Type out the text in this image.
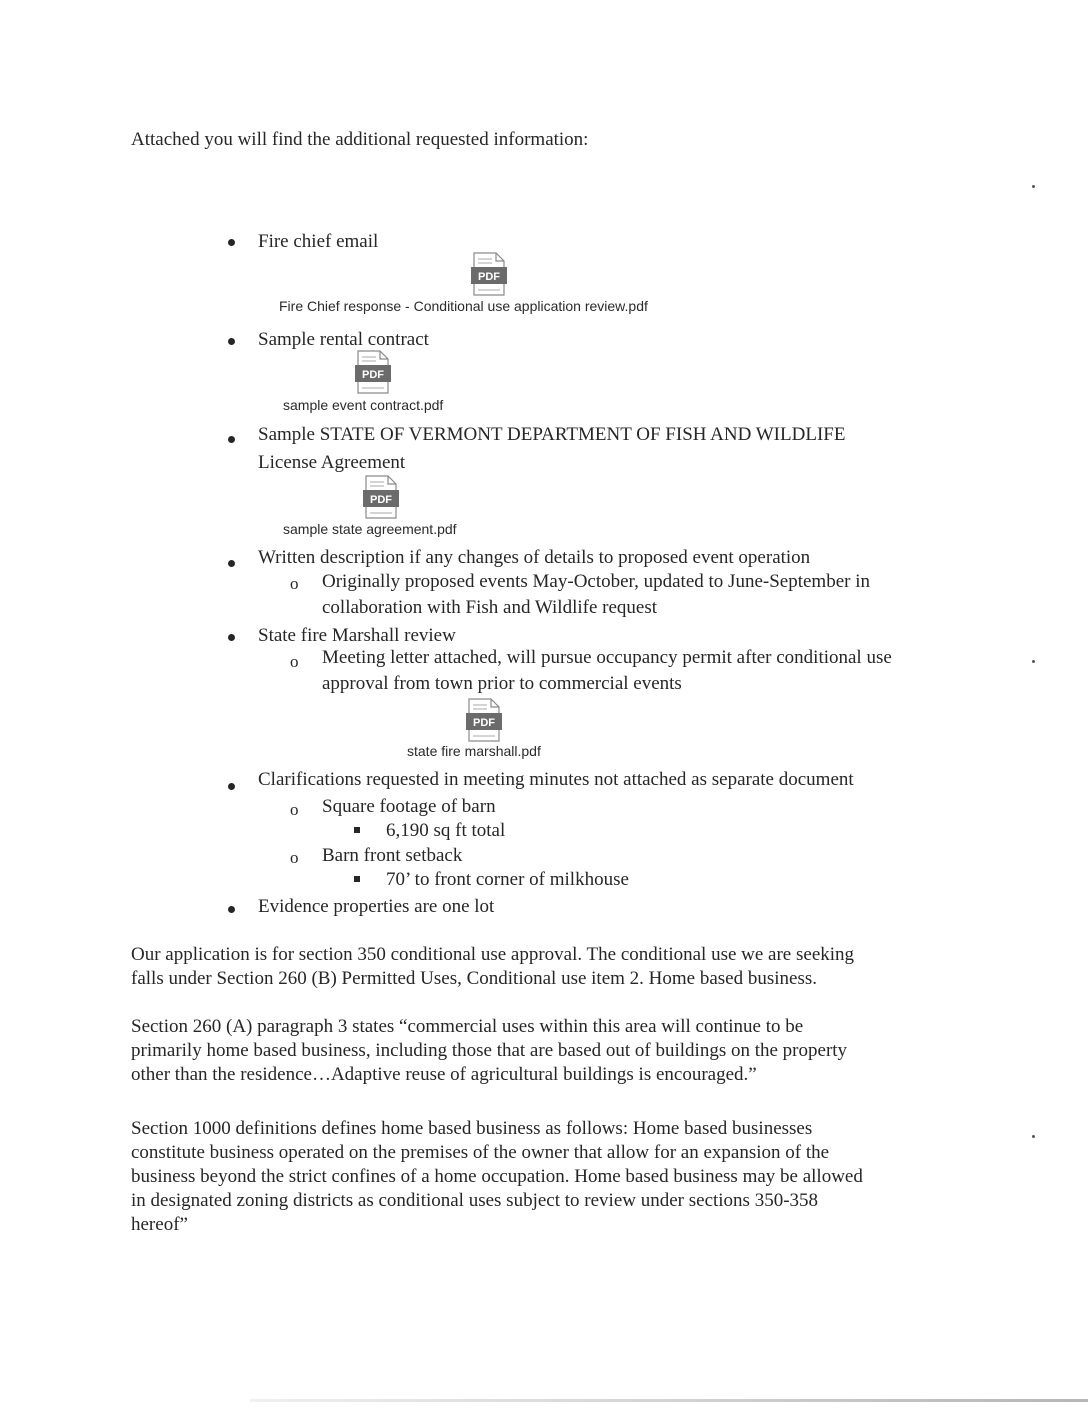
Attached you will find the additional requested information:
Fire chief email
PDF
Fire Chief response - Conditional use application review.pdf
Sample rental contract
PDF
sample event contract.pdf
Sample STATE OF VERMONT DEPARTMENT OF FISH AND WILDLIFE
License Agreement
PDF
sample state agreement.pdf
Written description if any changes of details to proposed event operation
o Originally proposed events May-October, updated to June-September in
collaboration with Fish and Wildlife request
State fire Marshall review
o Meeting letter attached, will pursue occupancy permit after conditional use
approval from town prior to commercial events
PDF
state fire marshall.pdf
Clarifications requested in meeting minutes not attached as separate document
o Square footage of barn
6,190 sq ft total
o Barn front setback
70’ to front corner of milkhouse
Evidence properties are one lot
Our application is for section 350 conditional use approval. The conditional use we are seeking
falls under Section 260 (B) Permitted Uses, Conditional use item 2. Home based business.
Section 260 (A) paragraph 3 states “commercial uses within this area will continue to be
primarily home based business, including those that are based out of buildings on the property
other than the residence…Adaptive reuse of agricultural buildings is encouraged.”
Section 1000 definitions defines home based business as follows: Home based businesses
constitute business operated on the premises of the owner that allow for an expansion of the
business beyond the strict confines of a home occupation. Home based business may be allowed
in designated zoning districts as conditional uses subject to review under sections 350-358
hereof”
